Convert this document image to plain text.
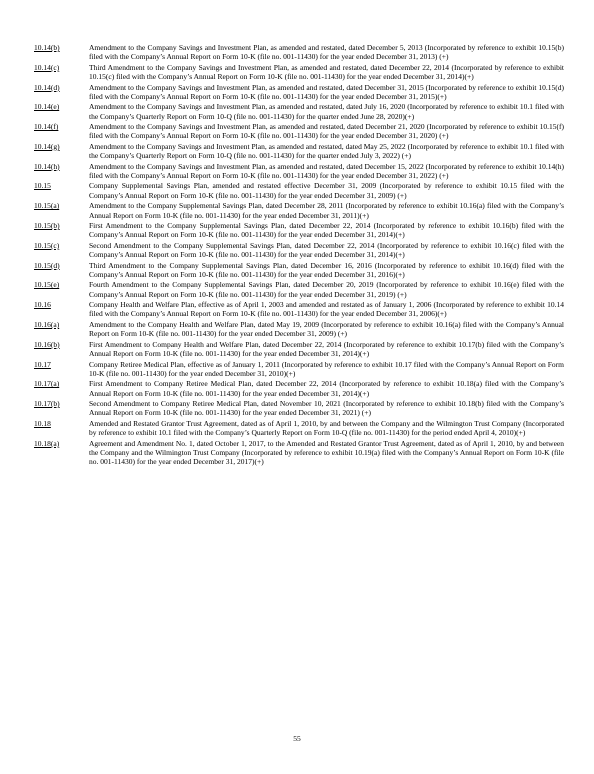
10.14(b)	Amendment to the Company Savings and Investment Plan, as amended and restated, dated December 5, 2013 (Incorporated by reference to exhibit 10.15(b) filed with the Company’s Annual Report on Form 10-K (file no. 001-11430) for the year ended December 31, 2013) (+)
10.14(c)	Third Amendment to the Company Savings and Investment Plan, as amended and restated, dated December 22, 2014 (Incorporated by reference to exhibit 10.15(c) filed with the Company’s Annual Report on Form 10-K (file no. 001-11430) for the year ended December 31, 2014)(+)
10.14(d)	Amendment to the Company Savings and Investment Plan, as amended and restated, dated December 31, 2015 (Incorporated by reference to exhibit 10.15(d) filed with the Company’s Annual Report on Form 10-K (file no. 001-11430) for the year ended December 31, 2015)(+)
10.14(e)	Amendment to the Company Savings and Investment Plan, as amended and restated, dated July 16, 2020 (Incorporated by reference to exhibit 10.1 filed with the Company’s Quarterly Report on Form 10-Q (file no. 001-11430) for the quarter ended June 28, 2020)(+)
10.14(f)	Amendment to the Company Savings and Investment Plan, as amended and restated, dated December 21, 2020 (Incorporated by reference to exhibit 10.15(f) filed with the Company’s Annual Report on Form 10-K (file no. 001-11430) for the year ended December 31, 2020) (+)
10.14(g)	Amendment to the Company Savings and Investment Plan, as amended and restated, dated May 25, 2022 (Incorporated by reference to exhibit 10.1 filed with the Company’s Quarterly Report on Form 10-Q (file no. 001-11430) for the quarter ended July 3, 2022) (+)
10.14(h)	Amendment to the Company Savings and Investment Plan, as amended and restated, dated December 15, 2022 (Incorporated by reference to exhibit 10.14(h) filed with the Company’s Annual Report on Form 10-K (file no. 001-11430) for the year ended December 31, 2022) (+)
10.15	Company Supplemental Savings Plan, amended and restated effective December 31, 2009 (Incorporated by reference to exhibit 10.15 filed with the Company’s Annual Report on Form 10-K (file no. 001-11430) for the year ended December 31, 2009) (+)
10.15(a)	Amendment to the Company Supplemental Savings Plan, dated December 28, 2011 (Incorporated by reference to exhibit 10.16(a) filed with the Company’s Annual Report on Form 10-K (file no. 001-11430) for the year ended December 31, 2011)(+)
10.15(b)	First Amendment to the Company Supplemental Savings Plan, dated December 22, 2014 (Incorporated by reference to exhibit 10.16(b) filed with the Company’s Annual Report on Form 10-K (file no. 001-11430) for the year ended December 31, 2014)(+)
10.15(c)	Second Amendment to the Company Supplemental Savings Plan, dated December 22, 2014 (Incorporated by reference to exhibit 10.16(c) filed with the Company’s Annual Report on Form 10-K (file no. 001-11430) for the year ended December 31, 2014)(+)
10.15(d)	Third Amendment to the Company Supplemental Savings Plan, dated December 16, 2016 (Incorporated by reference to exhibit 10.16(d) filed with the Company’s Annual Report on Form 10-K (file no. 001-11430) for the year ended December 31, 2016)(+)
10.15(e)	Fourth Amendment to the Company Supplemental Savings Plan, dated December 20, 2019 (Incorporated by reference to exhibit 10.16(e) filed with the Company’s Annual Report on Form 10-K (file no. 001-11430) for the year ended December 31, 2019) (+)
10.16	Company Health and Welfare Plan, effective as of April 1, 2003 and amended and restated as of January 1, 2006 (Incorporated by reference to exhibit 10.14 filed with the Company’s Annual Report on Form 10-K (file no. 001-11430) for the year ended December 31, 2006)(+)
10.16(a)	Amendment to the Company Health and Welfare Plan, dated May 19, 2009 (Incorporated by reference to exhibit 10.16(a) filed with the Company’s Annual Report on Form 10-K (file no. 001-11430) for the year ended December 31, 2009) (+)
10.16(b)	First Amendment to Company Health and Welfare Plan, dated December 22, 2014 (Incorporated by reference to exhibit 10.17(b) filed with the Company’s Annual Report on Form 10-K (file no. 001-11430) for the year ended December 31, 2014)(+)
10.17	Company Retiree Medical Plan, effective as of January 1, 2011 (Incorporated by reference to exhibit 10.17 filed with the Company’s Annual Report on Form 10-K (file no. 001-11430) for the year ended December 31, 2010)(+)
10.17(a)	First Amendment to Company Retiree Medical Plan, dated December 22, 2014 (Incorporated by reference to exhibit 10.18(a) filed with the Company’s Annual Report on Form 10-K (file no. 001-11430) for the year ended December 31, 2014)(+)
10.17(b)	Second Amendment to Company Retiree Medical Plan, dated November 10, 2021 (Incorporated by reference to exhibit 10.18(b) filed with the Company’s Annual Report on Form 10-K (file no. 001-11430) for the year ended December 31, 2021) (+)
10.18	Amended and Restated Grantor Trust Agreement, dated as of April 1, 2010, by and between the Company and the Wilmington Trust Company (Incorporated by reference to exhibit 10.1 filed with the Company’s Quarterly Report on Form 10-Q (file no. 001-11430) for the period ended April 4, 2010)(+)
10.18(a)	Agreement and Amendment No. 1, dated October 1, 2017, to the Amended and Restated Grantor Trust Agreement, dated as of April 1, 2010, by and between the Company and the Wilmington Trust Company (Incorporated by reference to exhibit 10.19(a) filed with the Company’s Annual Report on Form 10-K (file no. 001-11430) for the year ended December 31, 2017)(+)
55
